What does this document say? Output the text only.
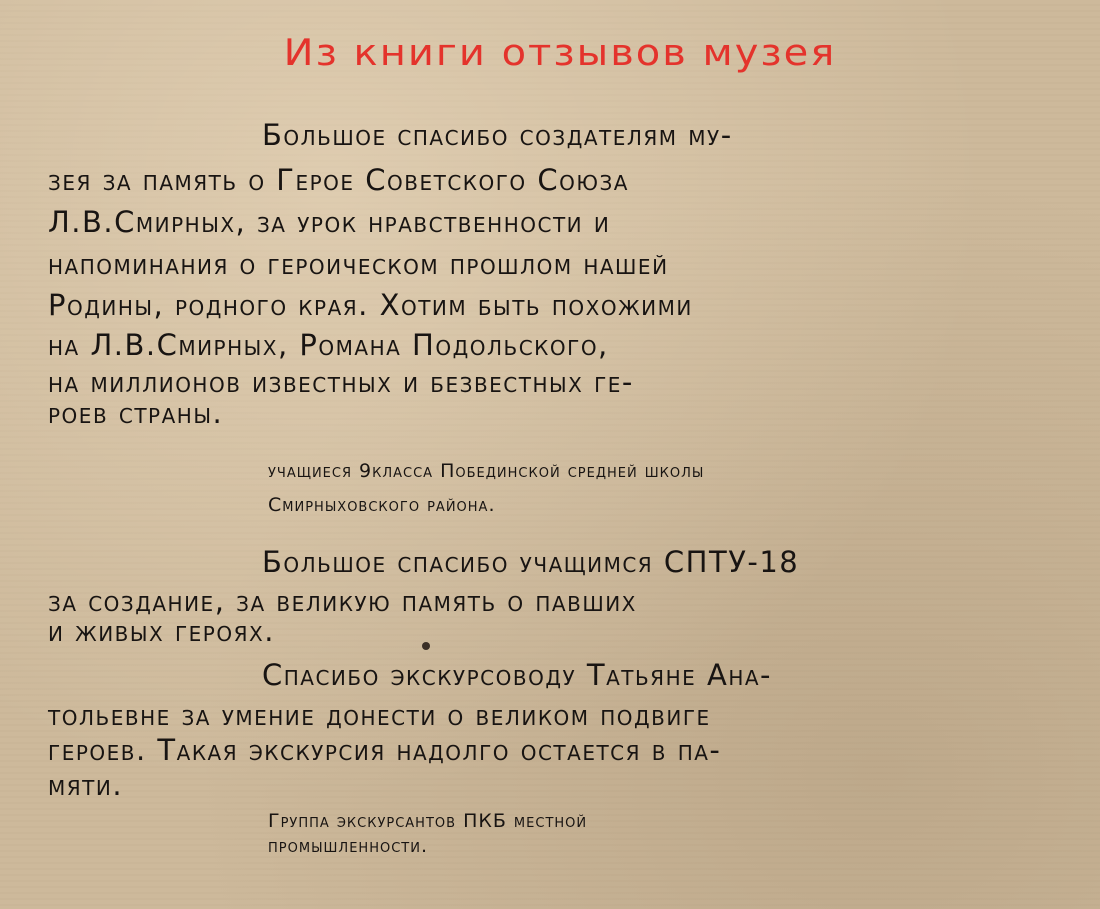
Из книги отзывов музея
Большое спасибо создателям му-
зея за память о Герое Советского Союза
Л.В.Смирных, за урок нравственности и
напоминания о героическом прошлом нашей
Родины, родного края. Хотим быть похожими
на Л.В.Смирных, Романа Подольского,
на миллионов известных и безвестных ге-
роев страны.
учащиеся 9класса Побединской средней школы
Смирныховского района.
Большое спасибо учащимся СПТУ-18
за создание, за великую память о павших
и живых героях.
Спасибо экскурсоводу Татьяне Ана-
тольевне за умение донести о великом подвиге
героев. Такая экскурсия надолго остается в па-
мяти.
Группа экскурсантов ПКБ местной
промышленности.
